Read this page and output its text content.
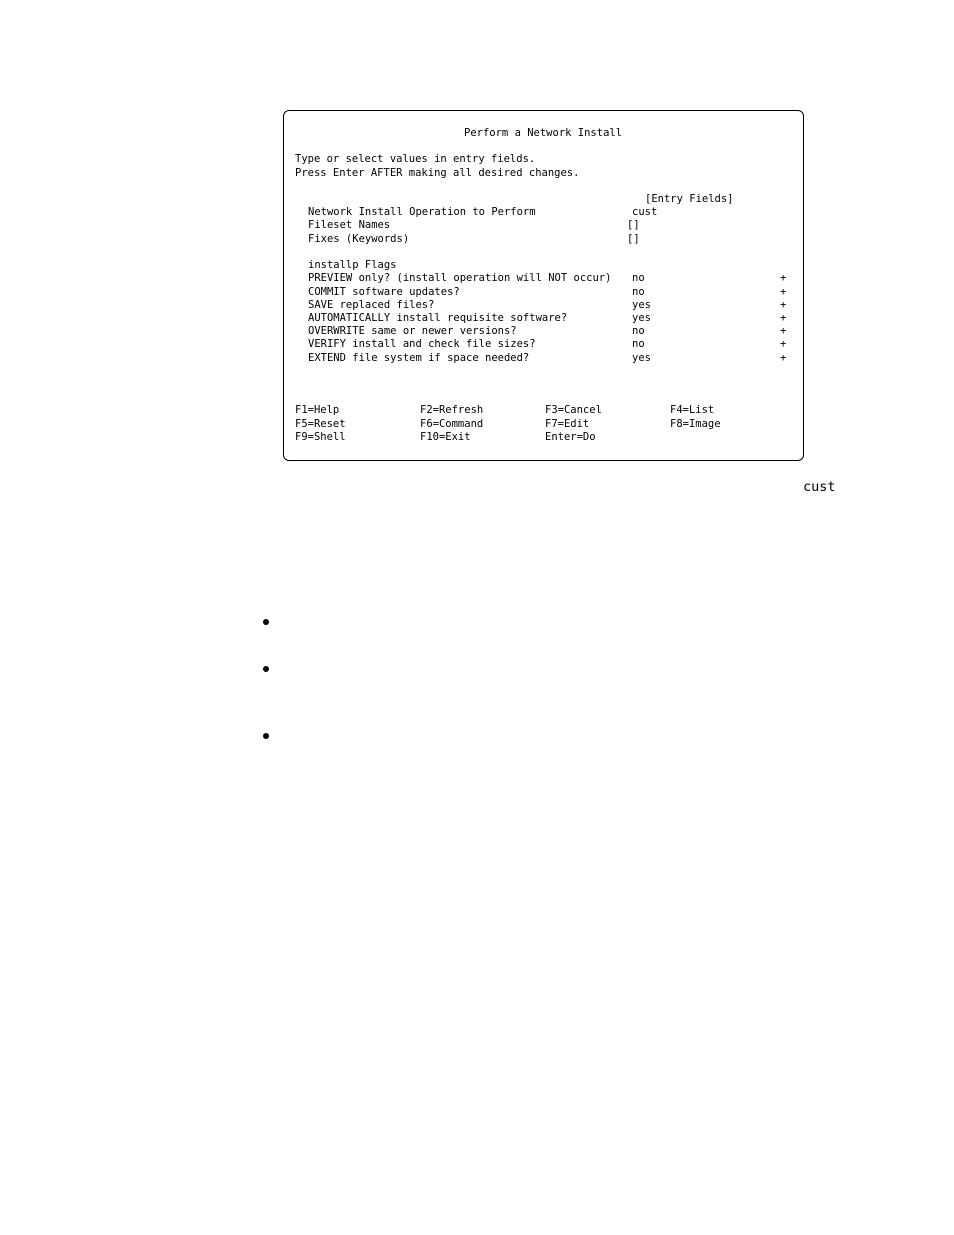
Perform a Network Install
Type or select values in entry fields.
Press Enter AFTER making all desired changes.
[Entry Fields]
Network Install Operation to Perform	cust
Fileset Names	[]
Fixes (Keywords)	[]
installp Flags
PREVIEW only? (install operation will NOT occur) no	+
COMMIT software updates?	no	+
SAVE replaced files?	yes	+
AUTOMATICALLY install requisite software?	yes	+
OVERWRITE same or newer versions?	no	+
VERIFY install and check file sizes?	no	+
EXTEND file system if space needed?	yes	+
F1=Help	F2=Refresh	F3=Cancel	F4=List
F5=Reset	F6=Command	F7=Edit	F8=Image
F9=Shell	F10=Exit	Enter=Do
cust
